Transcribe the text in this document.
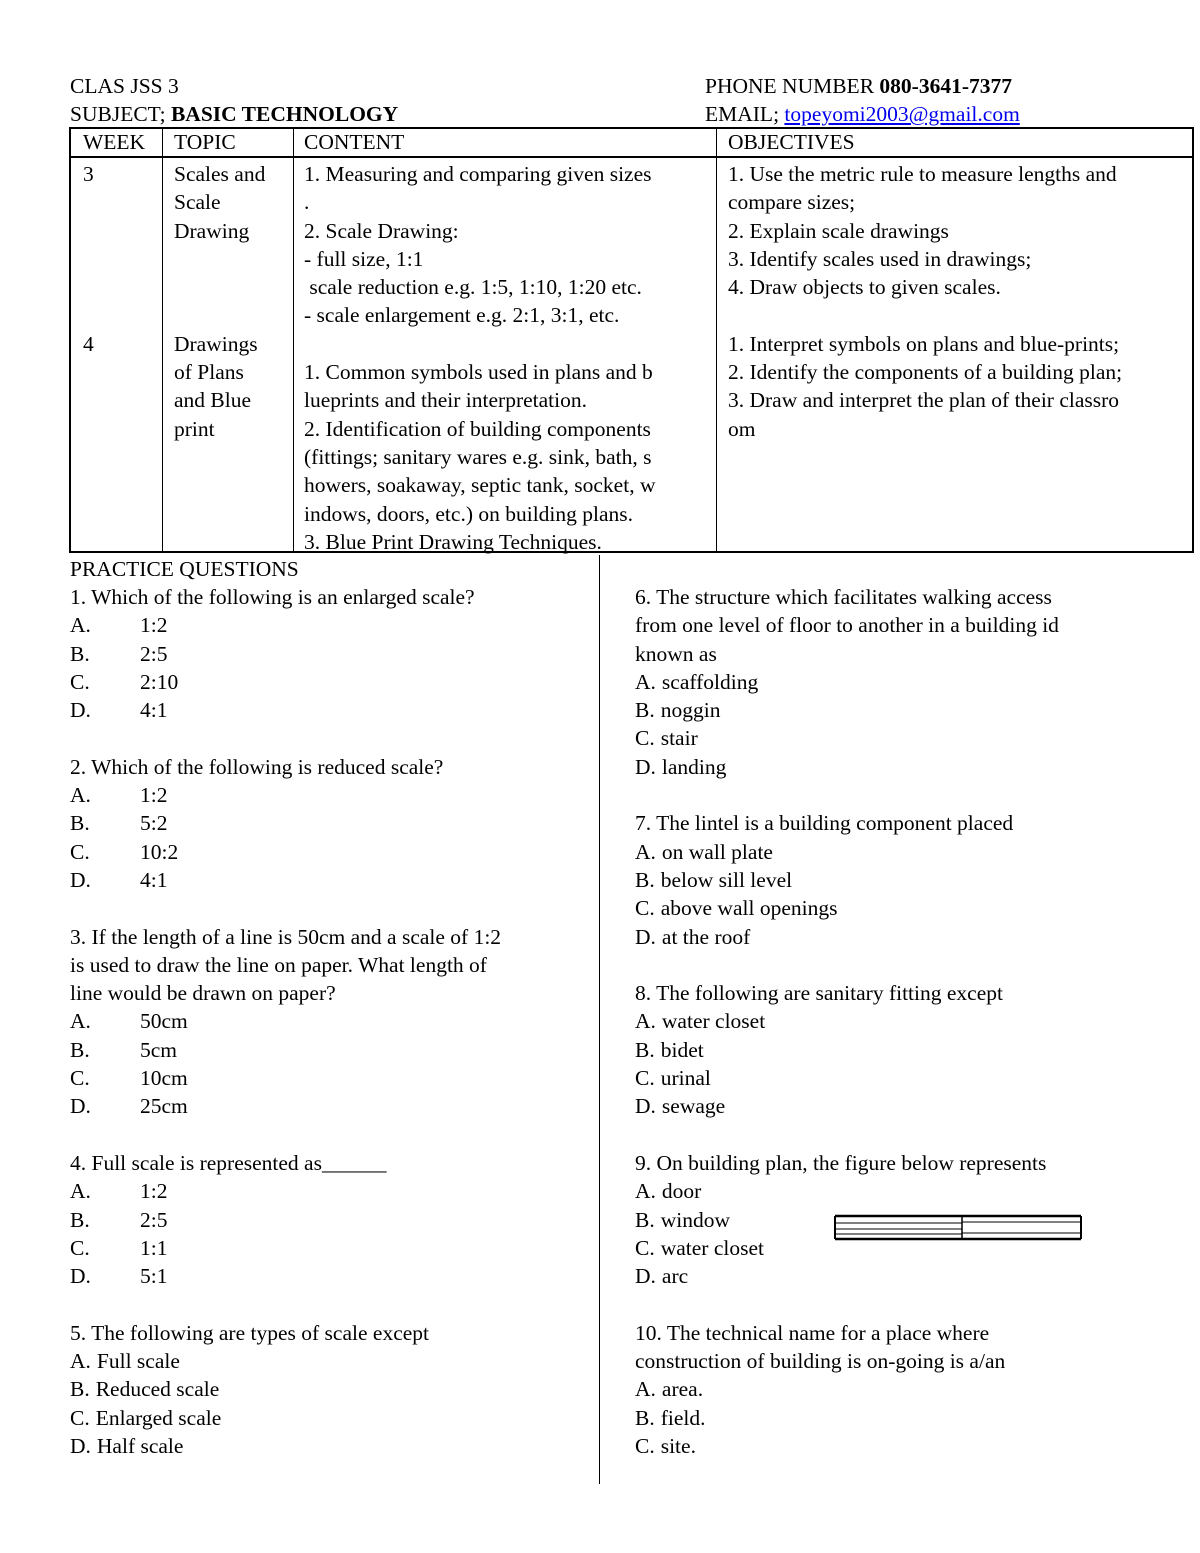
CLAS JSS 3
SUBJECT; BASIC TECHNOLOGY
PHONE NUMBER 080-3641-7377
EMAIL; topeyomi2003@gmail.com
WEEK TOPIC	CONTENT	OBJECTIVES
3
4
Scales and
Scale
Drawing
Drawings
of Plans
and Blue
print
1. Measuring and comparing given sizes
.
2. Scale Drawing:
- full size, 1:1
scale reduction e.g. 1:5, 1:10, 1:20 etc.
- scale enlargement e.g. 2:1, 3:1, etc.
1. Common symbols used in plans and b
lueprints and their interpretation.
2. Identification of building components
(fittings; sanitary wares e.g. sink, bath, s
howers, soakaway, septic tank, socket, w
indows, doors, etc.) on building plans.
3. Blue Print Drawing Techniques.
1. Use the metric rule to measure lengths and
compare sizes;
2. Explain scale drawings
3. Identify scales used in drawings;
4. Draw objects to given scales.
1. Interpret symbols on plans and blue-prints;
2. Identify the components of a building plan;
3. Draw and interpret the plan of their classro
om
PRACTICE QUESTIONS
1. Which of the following is an enlarged scale?
A. 1:2
B. 2:5
C. 2:10
D. 4:1
2. Which of the following is reduced scale?
A. 1:2
B. 5:2
C. 10:2
D. 4:1
3. If the length of a line is 50cm and a scale of 1:2
is used to draw the line on paper. What length of
line would be drawn on paper?
A. 50cm
B. 5cm
C. 10cm
D. 25cm
4. Full scale is represented as______
A. 1:2
B. 2:5
C. 1:1
D. 5:1
5. The following are types of scale except
A. Full scale
B. Reduced scale
C. Enlarged scale
D. Half scale
6. The structure which facilitates walking access
from one level of floor to another in a building id
known as
A. scaffolding
B. noggin
C. stair
D. landing
7. The lintel is a building component placed
A. on wall plate
B. below sill level
C. above wall openings
D. at the roof
8. The following are sanitary fitting except
A. water closet
B. bidet
C. urinal
D. sewage
9. On building plan, the figure below represents
A. door
B. window
C. water closet
D. arc
10. The technical name for a place where
construction of building is on-going is a/an
A. area.
B. field.
C. site.
